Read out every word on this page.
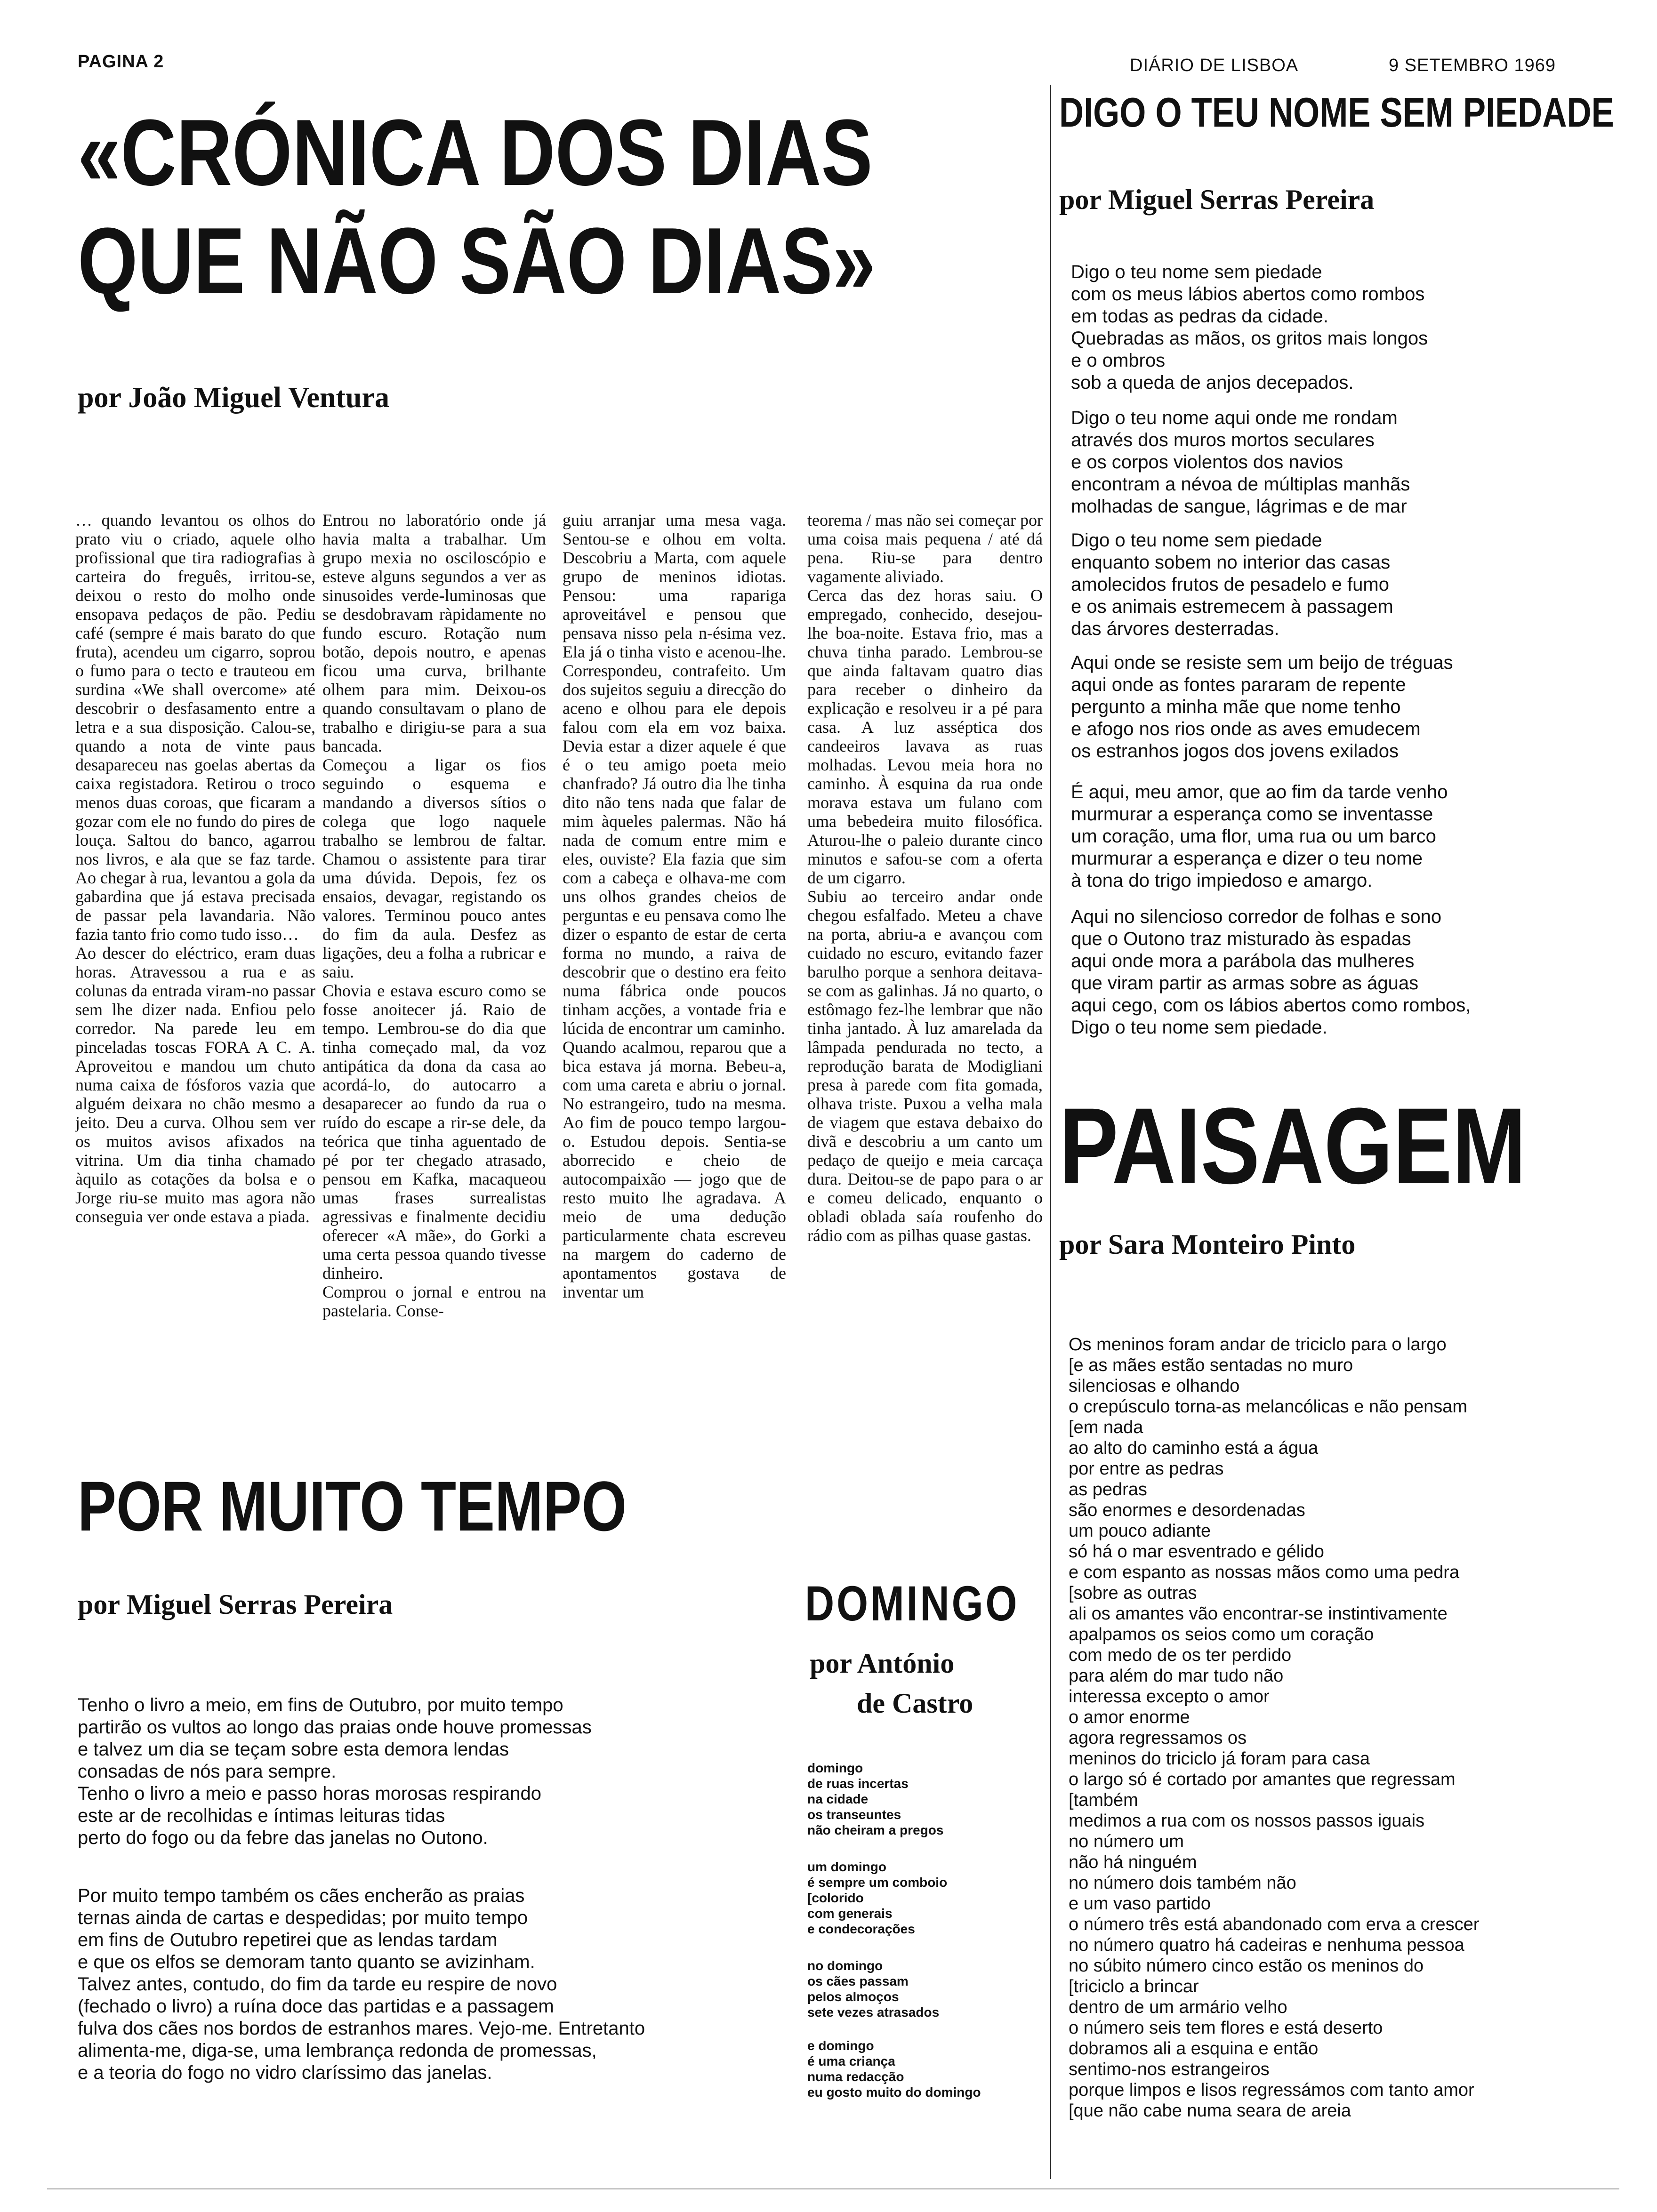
PAGINA 2	DIÁRIO DE LISBOA	9 SETEMBRO 1969
«CRÓNICA DOS DIAS
QUE NÃO SÃO DIAS»
por João Miguel Ventura
… quando levantou os olhos do prato viu o criado, aquele olho profissional que tira radiografias à carteira do freguês, irritou-se, deixou o resto do molho onde ensopava pedaços de pão. Pediu café (sempre é mais barato do que fruta), acendeu um cigarro, soprou o fumo para o tecto e trauteou em surdina «We shall overcome» até descobrir o desfasamento entre a letra e a sua disposição. Calou-se, quando a nota de vinte paus desapareceu nas goelas abertas da caixa registadora. Retirou o troco menos duas coroas, que ficaram a gozar com ele no fundo do pires de louça. Saltou do banco, agarrou nos livros, e ala que se faz tarde. Ao chegar à rua, levantou a gola da gabardina que já estava precisada de passar pela lavandaria. Não fazia tanto frio como tudo isso…
Ao descer do eléctrico, eram duas horas. Atravessou a rua e as colunas da entrada viram-no passar sem lhe dizer nada. Enfiou pelo corredor. Na parede leu em pinceladas toscas FORA A C. A. Aproveitou e mandou um chuto numa caixa de fósforos vazia que alguém deixara no chão mesmo a jeito. Deu a curva. Olhou sem ver os muitos avisos afixados na vitrina. Um dia tinha chamado àquilo as cotações da bolsa e o Jorge riu-se muito mas agora não conseguia ver onde estava a piada.
Entrou no laboratório onde já havia malta a trabalhar. Um grupo mexia no osciloscópio e esteve alguns segundos a ver as sinusoides verde-luminosas que se desdobravam ràpidamente no fundo escuro. Rotação num botão, depois noutro, e apenas ficou uma curva, brilhante olhem para mim. Deixou-os quando consultavam o plano de trabalho e dirigiu-se para a sua bancada.
Começou a ligar os fios seguindo o esquema e mandando a diversos sítios o colega que logo naquele trabalho se lembrou de faltar. Chamou o assistente para tirar uma dúvida. Depois, fez os ensaios, devagar, registando os valores. Terminou pouco antes do fim da aula. Desfez as ligações, deu a folha a rubricar e saiu.
Chovia e estava escuro como se fosse anoitecer já. Raio de tempo. Lembrou-se do dia que tinha começado mal, da voz antipática da dona da casa ao acordá-lo, do autocarro a desaparecer ao fundo da rua o ruído do escape a rir-se dele, da teórica que tinha aguentado de pé por ter chegado atrasado, pensou em Kafka, macaqueou umas frases surrealistas agressivas e finalmente decidiu oferecer «A mãe», do Gorki a uma certa pessoa quando tivesse dinheiro.
Comprou o jornal e entrou na pastelaria. Conse-
guiu arranjar uma mesa vaga. Sentou-se e olhou em volta. Descobriu a Marta, com aquele grupo de meninos idiotas. Pensou: uma rapariga aproveitável e pensou que pensava nisso pela n-ésima vez. Ela já o tinha visto e acenou-lhe. Correspondeu, contrafeito. Um dos sujeitos seguiu a direcção do aceno e olhou para ele depois falou com ela em voz baixa. Devia estar a dizer aquele é que é o teu amigo poeta meio chanfrado? Já outro dia lhe tinha dito não tens nada que falar de mim àqueles palermas. Não há nada de comum entre mim e eles, ouviste? Ela fazia que sim com a cabeça e olhava-me com uns olhos grandes cheios de perguntas e eu pensava como lhe dizer o espanto de estar de certa forma no mundo, a raiva de descobrir que o destino era feito numa fábrica onde poucos tinham acções, a vontade fria e lúcida de encontrar um caminho.
Quando acalmou, reparou que a bica estava já morna. Bebeu-a, com uma careta e abriu o jornal. No estrangeiro, tudo na mesma. Ao fim de pouco tempo largou-o. Estudou depois. Sentia-se aborrecido e cheio de autocompaixão — jogo que de resto muito lhe agradava. A meio de uma dedução particularmente chata escreveu na margem do caderno de apontamentos gostava de inventar um
teorema / mas não sei começar por uma coisa mais pequena / até dá pena. Riu-se para dentro vagamente aliviado.
Cerca das dez horas saiu. O empregado, conhecido, desejou-lhe boa-noite. Estava frio, mas a chuva tinha parado. Lembrou-se que ainda faltavam quatro dias para receber o dinheiro da explicação e resolveu ir a pé para casa. A luz asséptica dos candeeiros lavava as ruas molhadas. Levou meia hora no caminho. À esquina da rua onde morava estava um fulano com uma bebedeira muito filosófica. Aturou-lhe o paleio durante cinco minutos e safou-se com a oferta de um cigarro.
Subiu ao terceiro andar onde chegou esfalfado. Meteu a chave na porta, abriu-a e avançou com cuidado no escuro, evitando fazer barulho porque a senhora deitava-se com as galinhas. Já no quarto, o estômago fez-lhe lembrar que não tinha jantado. À luz amarelada da lâmpada pendurada no tecto, a reprodução barata de Modigliani presa à parede com fita gomada, olhava triste. Puxou a velha mala de viagem que estava debaixo do divã e descobriu a um canto um pedaço de queijo e meia carcaça dura. Deitou-se de papo para o ar e comeu delicado, enquanto o obladi oblada saía roufenho do rádio com as pilhas quase gastas.
DIGO O TEU NOME SEM PIEDADE
por Miguel Serras Pereira
Digo o teu nome sem piedade
com os meus lábios abertos como rombos
em todas as pedras da cidade.
Quebradas as mãos, os gritos mais longos
e o ombros
sob a queda de anjos decepados.
Digo o teu nome aqui onde me rondam
através dos muros mortos seculares
e os corpos violentos dos navios
encontram a névoa de múltiplas manhãs
molhadas de sangue, lágrimas e de mar
Digo o teu nome sem piedade
enquanto sobem no interior das casas
amolecidos frutos de pesadelo e fumo
e os animais estremecem à passagem
das árvores desterradas.
Aqui onde se resiste sem um beijo de tréguas
aqui onde as fontes pararam de repente
pergunto a minha mãe que nome tenho
e afogo nos rios onde as aves emudecem
os estranhos jogos dos jovens exilados
É aqui, meu amor, que ao fim da tarde venho
murmurar a esperança como se inventasse
um coração, uma flor, uma rua ou um barco
murmurar a esperança e dizer o teu nome
à tona do trigo impiedoso e amargo.
Aqui no silencioso corredor de folhas e sono
que o Outono traz misturado às espadas
aqui onde mora a parábola das mulheres
que viram partir as armas sobre as águas
aqui cego, com os lábios abertos como rombos,
Digo o teu nome sem piedade.
PAISAGEM
por Sara Monteiro Pinto
Os meninos foram andar de triciclo para o largo
[e as mães estão sentadas no muro
silenciosas e olhando
o crepúsculo torna-as melancólicas e não pensam
[em nada
ao alto do caminho está a água
por entre as pedras
as pedras
são enormes e desordenadas
um pouco adiante
só há o mar esventrado e gélido
e com espanto as nossas mãos como uma pedra
[sobre as outras
ali os amantes vão encontrar-se instintivamente
apalpamos os seios como um coração
com medo de os ter perdido
para além do mar tudo não
interessa excepto o amor
o amor enorme
agora regressamos os
meninos do triciclo já foram para casa
o largo só é cortado por amantes que regressam
[também
medimos a rua com os nossos passos iguais
no número um
não há ninguém
no número dois também não
e um vaso partido
o número três está abandonado com erva a crescer
no número quatro há cadeiras e nenhuma pessoa
no súbito número cinco estão os meninos do
[triciclo a brincar
dentro de um armário velho
o número seis tem flores e está deserto
dobramos ali a esquina e então
sentimo-nos estrangeiros
porque limpos e lisos regressámos com tanto amor
[que não cabe numa seara de areia
POR MUITO TEMPO
por Miguel Serras Pereira
Tenho o livro a meio, em fins de Outubro, por muito tempo
partirão os vultos ao longo das praias onde houve promessas
e talvez um dia se teçam sobre esta demora lendas
consadas de nós para sempre.
Tenho o livro a meio e passo horas morosas respirando
este ar de recolhidas e íntimas leituras tidas
perto do fogo ou da febre das janelas no Outono.
Por muito tempo também os cães encherão as praias
ternas ainda de cartas e despedidas; por muito tempo
em fins de Outubro repetirei que as lendas tardam
e que os elfos se demoram tanto quanto se avizinham.
Talvez antes, contudo, do fim da tarde eu respire de novo
(fechado o livro) a ruína doce das partidas e a passagem
fulva dos cães nos bordos de estranhos mares. Vejo-me. Entretanto
alimenta-me, diga-se, uma lembrança redonda de promessas,
e a teoria do fogo no vidro claríssimo das janelas.
DOMINGO
por António
de Castro
domingo
de ruas incertas
na cidade
os transeuntes
não cheiram a pregos
um domingo
é sempre um comboio
[colorido
com generais
e condecorações
no domingo
os cães passam
pelos almoços
sete vezes atrasados
e domingo
é uma criança
numa redacção
eu gosto muito do domingo
